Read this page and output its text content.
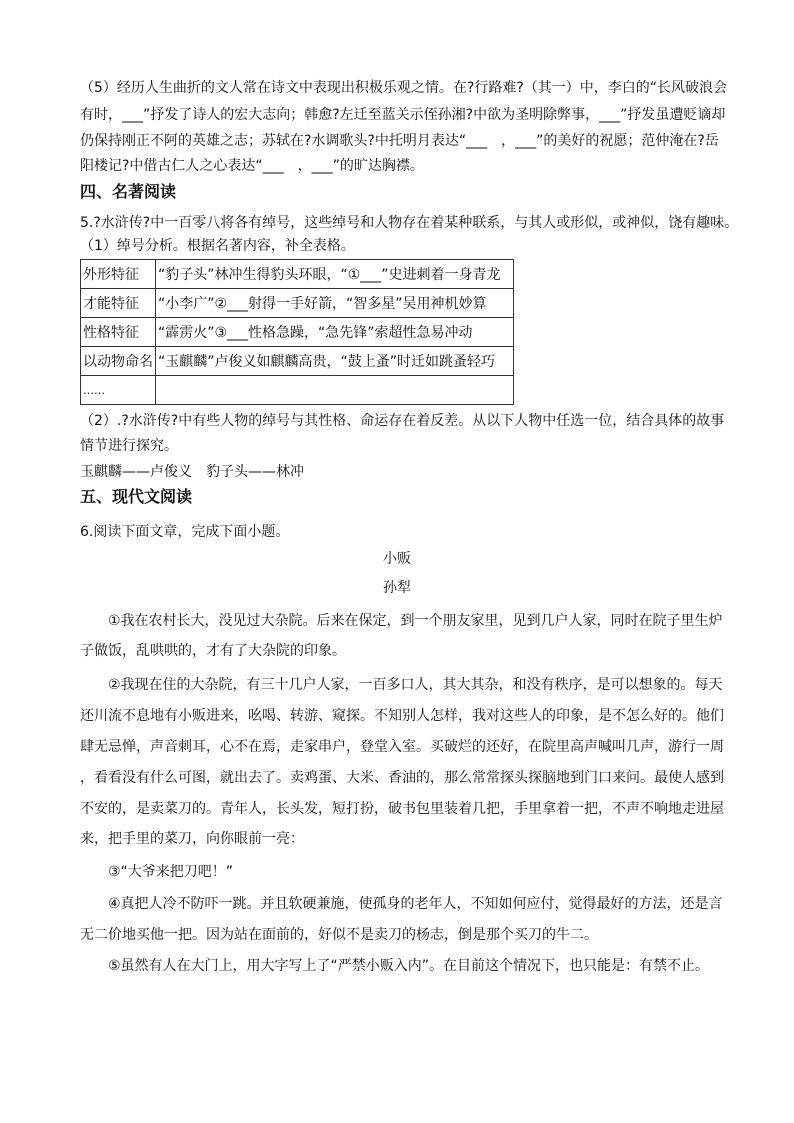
（5）经历人生曲折的文人常在诗文中表现出积极乐观之情。在?行路难?（其一）中，李白的“长风破浪会
有时，___”抒发了诗人的宏大志向；韩愈?左迁至蓝关示侄孙湘?中欲为圣明除弊事，___”抒发虽遭贬谪却
仍保持刚正不阿的英雄之志；苏轼在?水调歌头?中托明月表达“___　，___”的美好的祝愿；范仲淹在?岳
阳楼记?中借古仁人之心表达“___　，___”的旷达胸襟。
四、名著阅读
5.?水浒传?中一百零八将各有绰号，这些绰号和人物存在着某种联系，与其人或形似，或神似，饶有趣味。
（1）绰号分析。根据名著内容，补全表格。
外形特征	“豹子头”林冲生得豹头环眼，“①___”史进刺着一身青龙
才能特征	“小李广”②___射得一手好箭，“智多星”吴用神机妙算
性格特征	“霹雳火”③___性格急躁，“急先锋”索超性急易冲动
以动物命名	“玉麒麟”卢俊义如麒麟高贵，“鼓上蚤”时迁如跳蚤轻巧
……	
（2）.?水浒传?中有些人物的绰号与其性格、命运存在着反差。从以下人物中任选一位，结合具体的故事
情节进行探究。
玉麒麟——卢俊义　豹子头——林冲
五、现代文阅读
6.阅读下面文章，完成下面小题。
小贩
孙犁
①我在农村长大，没见过大杂院。后来在保定，到一个朋友家里，见到几户人家，同时在院子里生炉
子做饭，乱哄哄的，才有了大杂院的印象。
②我现在住的大杂院，有三十几户人家，一百多口人，其大其杂，和没有秩序，是可以想象的。每天
还川流不息地有小贩进来，吆喝、转游、窥探。不知别人怎样，我对这些人的印象，是不怎么好的。他们
肆无忌惮，声音刺耳，心不在焉，走家串户，登堂入室。买破烂的还好，在院里高声喊叫几声，游行一周
，看看没有什么可图，就出去了。卖鸡蛋、大米、香油的，那么常常探头探脑地到门口来问。最使人感到
不安的，是卖菜刀的。青年人，长头发，短打扮，破书包里装着几把，手里拿着一把，不声不响地走进屋
来，把手里的菜刀，向你眼前一亮：
③“大爷来把刀吧！”
④真把人冷不防吓一跳。并且软硬兼施，使孤身的老年人，不知如何应付，觉得最好的方法，还是言
无二价地买他一把。因为站在面前的，好似不是卖刀的杨志，倒是那个买刀的牛二。
⑤虽然有人在大门上，用大字写上了“严禁小贩入内”。在目前这个情况下，也只能是：有禁不止。
